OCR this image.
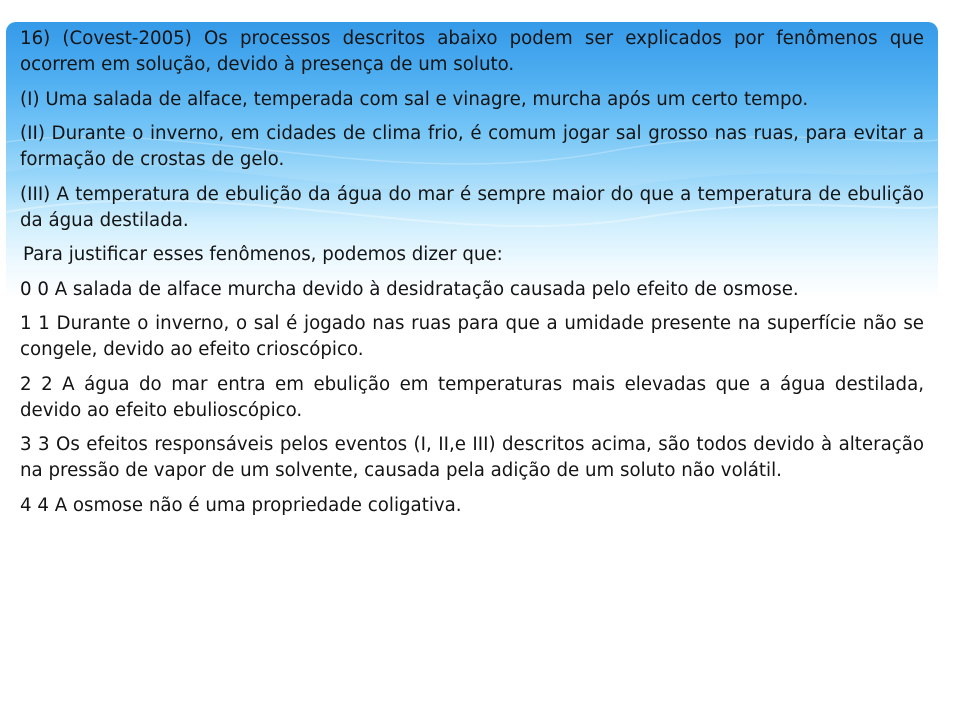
16) (Covest-2005) Os processos descritos abaixo podem ser explicados por fenômenos que ocorrem em solução, devido à presença de um soluto.

(I) Uma salada de alface, temperada com sal e vinagre, murcha após um certo tempo.

(II) Durante o inverno, em cidades de clima frio, é comum jogar sal grosso nas ruas, para evitar a formação de crostas de gelo.

(III) A temperatura de ebulição da água do mar é sempre maior do que a temperatura de ebulição da água destilada.

Para justificar esses fenômenos, podemos dizer que:

0 0 A salada de alface murcha devido à desidratação causada pelo efeito de osmose.

1 1 Durante o inverno, o sal é jogado nas ruas para que a umidade presente na superfície não se congele, devido ao efeito crioscópico.

2 2 A água do mar entra em ebulição em temperaturas mais elevadas que a água destilada, devido ao efeito ebulioscópico.

3 3 Os efeitos responsáveis pelos eventos (I, II,e III) descritos acima, são todos devido à alteração na pressão de vapor de um solvente, causada pela adição de um soluto não volátil.

4 4 A osmose não é uma propriedade coligativa.
